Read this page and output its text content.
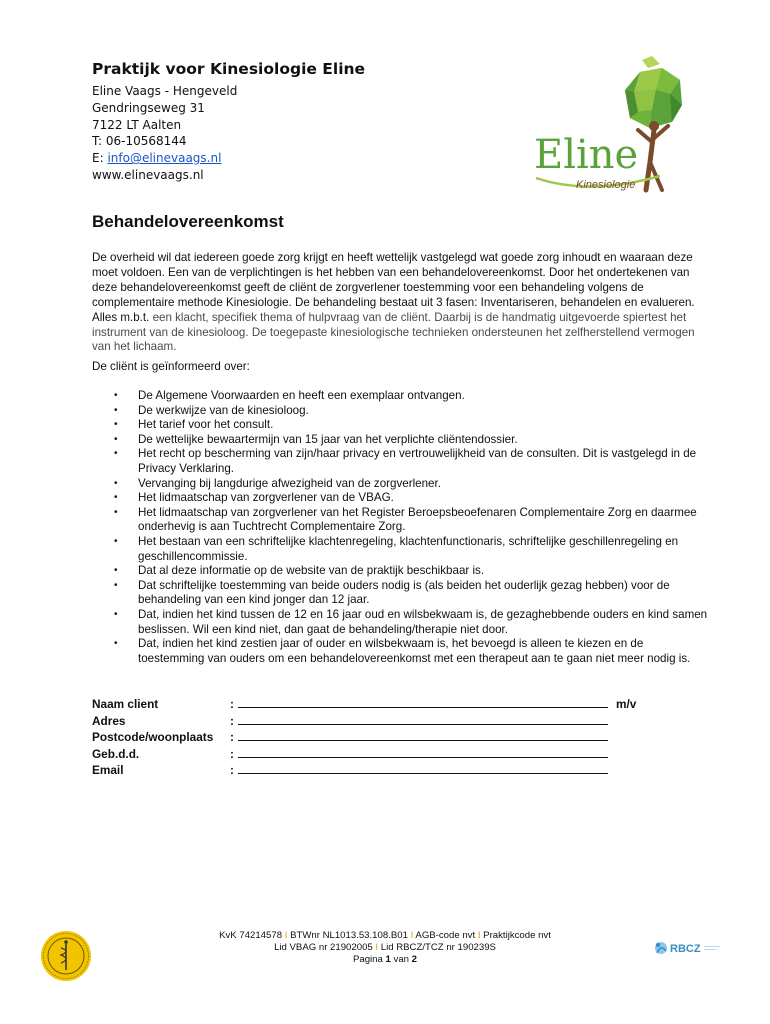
Praktijk voor Kinesiologie Eline
Eline Vaags - Hengeveld
Gendringseweg 31
7122 LT Aalten
T: 06-10568144
E: info@elinevaags.nl
www.elinevaags.nl	Eline
Kinesiologie
Behandelovereenkomst

De overheid wil dat iedereen goede zorg krijgt en heeft wettelijk vastgelegd wat goede zorg inhoudt en waaraan deze moet voldoen. Een van de verplichtingen is het hebben van een behandelovereenkomst. Door het ondertekenen van deze behandelovereenkomst geeft de cliënt de zorgverlener toestemming voor een behandeling volgens de complementaire methode Kinesiologie. De behandeling bestaat uit 3 fasen: Inventariseren, behandelen en evalueren. Alles m.b.t. een klacht, specifiek thema of hulpvraag van de cliënt. Daarbij is de handmatig uitgevoerde spiertest het instrument van de kinesioloog. De toegepaste kinesiologische technieken ondersteunen het zelfherstellend vermogen van het lichaam.

De cliënt is geïnformeerd over:

• De Algemene Voorwaarden en heeft een exemplaar ontvangen.
• De werkwijze van de kinesioloog.
• Het tarief voor het consult.
• De wettelijke bewaartermijn van 15 jaar van het verplichte cliëntendossier.
• Het recht op bescherming van zijn/haar privacy en vertrouwelijkheid van de consulten. Dit is vastgelegd in de Privacy Verklaring.
• Vervanging bij langdurige afwezigheid van de zorgverlener.
• Het lidmaatschap van zorgverlener van de VBAG.
• Het lidmaatschap van zorgverlener van het Register Beroepsbeoefenaren Complementaire Zorg en daarmee onderhevig is aan Tuchtrecht Complementaire Zorg.
• Het bestaan van een schriftelijke klachtenregeling, klachtenfunctionaris, schriftelijke geschillenregeling en geschillencommissie.
• Dat al deze informatie op de website van de praktijk beschikbaar is.
• Dat schriftelijke toestemming van beide ouders nodig is (als beiden het ouderlijk gezag hebben) voor de behandeling van een kind jonger dan 12 jaar.
• Dat, indien het kind tussen de 12 en 16 jaar oud en wilsbekwaam is, de gezaghebbende ouders en kind samen beslissen. Wil een kind niet, dan gaat de behandeling/therapie niet door.
• Dat, indien het kind zestien jaar of ouder en wilsbekwaam is, het bevoegd is alleen te kiezen en de toestemming van ouders om een behandelovereenkomst met een therapeut aan te gaan niet meer nodig is.
Naam client	:	m/v
Adres	:
Postcode/woonplaats	:
Geb.d.d.	:
Email	:
KvK 74214578 I BTWnr NL1013.53.108.B01 I AGB-code nvt I Praktijkcode nvt
Lid VBAG nr 21902005 I Lid RBCZ/TCZ nr 190239S
Pagina 1 van 2
RBCZ
